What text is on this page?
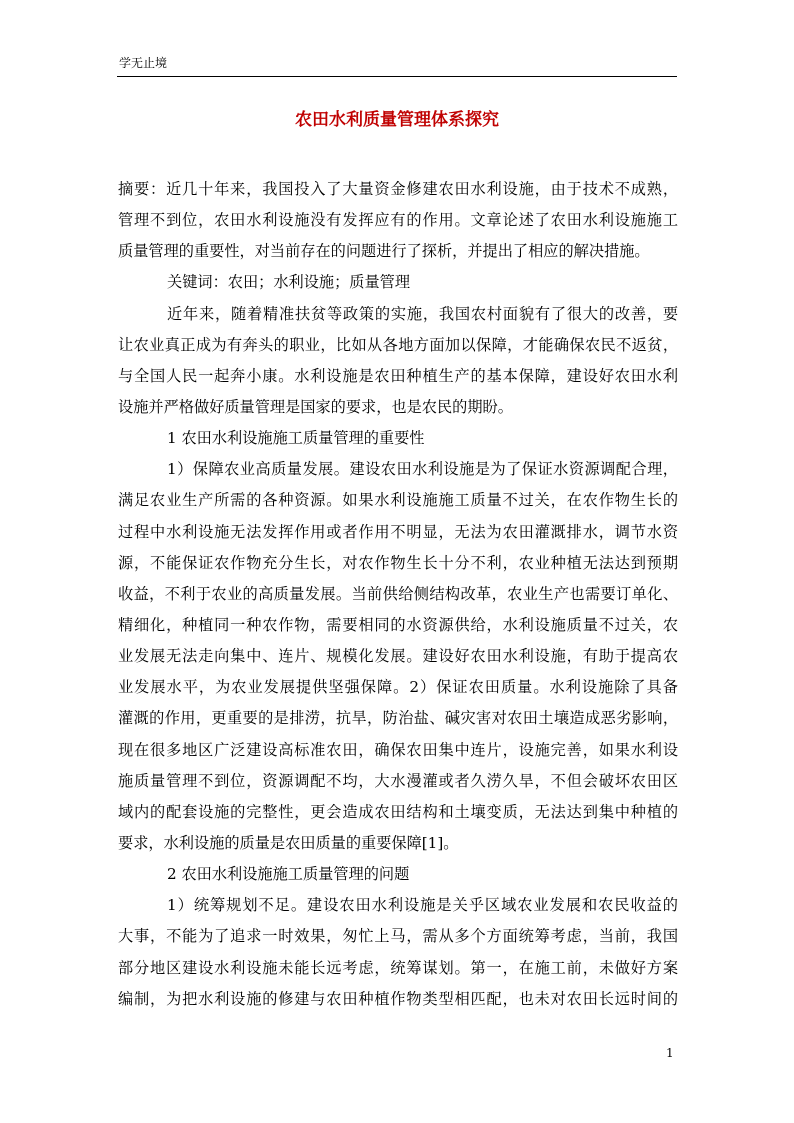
学无止境
农田水利质量管理体系探究
摘要：近几十年来，我国投入了大量资金修建农田水利设施，由于技术不成熟，
管理不到位，农田水利设施没有发挥应有的作用。文章论述了农田水利设施施工
质量管理的重要性，对当前存在的问题进行了探析，并提出了相应的解决措施。
关键词：农田；水利设施；质量管理
近年来，随着精准扶贫等政策的实施，我国农村面貌有了很大的改善，要
让农业真正成为有奔头的职业，比如从各地方面加以保障，才能确保农民不返贫，
与全国人民一起奔小康。水利设施是农田种植生产的基本保障，建设好农田水利
设施并严格做好质量管理是国家的要求，也是农民的期盼。
1 农田水利设施施工质量管理的重要性
1）保障农业高质量发展。建设农田水利设施是为了保证水资源调配合理，
满足农业生产所需的各种资源。如果水利设施施工质量不过关，在农作物生长的
过程中水利设施无法发挥作用或者作用不明显，无法为农田灌溉排水，调节水资
源，不能保证农作物充分生长，对农作物生长十分不利，农业种植无法达到预期
收益，不利于农业的高质量发展。当前供给侧结构改革，农业生产也需要订单化、
精细化，种植同一种农作物，需要相同的水资源供给，水利设施质量不过关，农
业发展无法走向集中、连片、规模化发展。建设好农田水利设施，有助于提高农
业发展水平，为农业发展提供坚强保障。2）保证农田质量。水利设施除了具备
灌溉的作用，更重要的是排涝，抗旱，防治盐、碱灾害对农田土壤造成恶劣影响，
现在很多地区广泛建设高标准农田，确保农田集中连片，设施完善，如果水利设
施质量管理不到位，资源调配不均，大水漫灌或者久涝久旱，不但会破坏农田区
域内的配套设施的完整性，更会造成农田结构和土壤变质，无法达到集中种植的
要求，水利设施的质量是农田质量的重要保障[1]。
2 农田水利设施施工质量管理的问题
1）统筹规划不足。建设农田水利设施是关乎区域农业发展和农民收益的
大事，不能为了追求一时效果，匆忙上马，需从多个方面统筹考虑，当前，我国
部分地区建设水利设施未能长远考虑，统筹谋划。第一，在施工前，未做好方案
编制，为把水利设施的修建与农田种植作物类型相匹配，也未对农田长远时间的
1
